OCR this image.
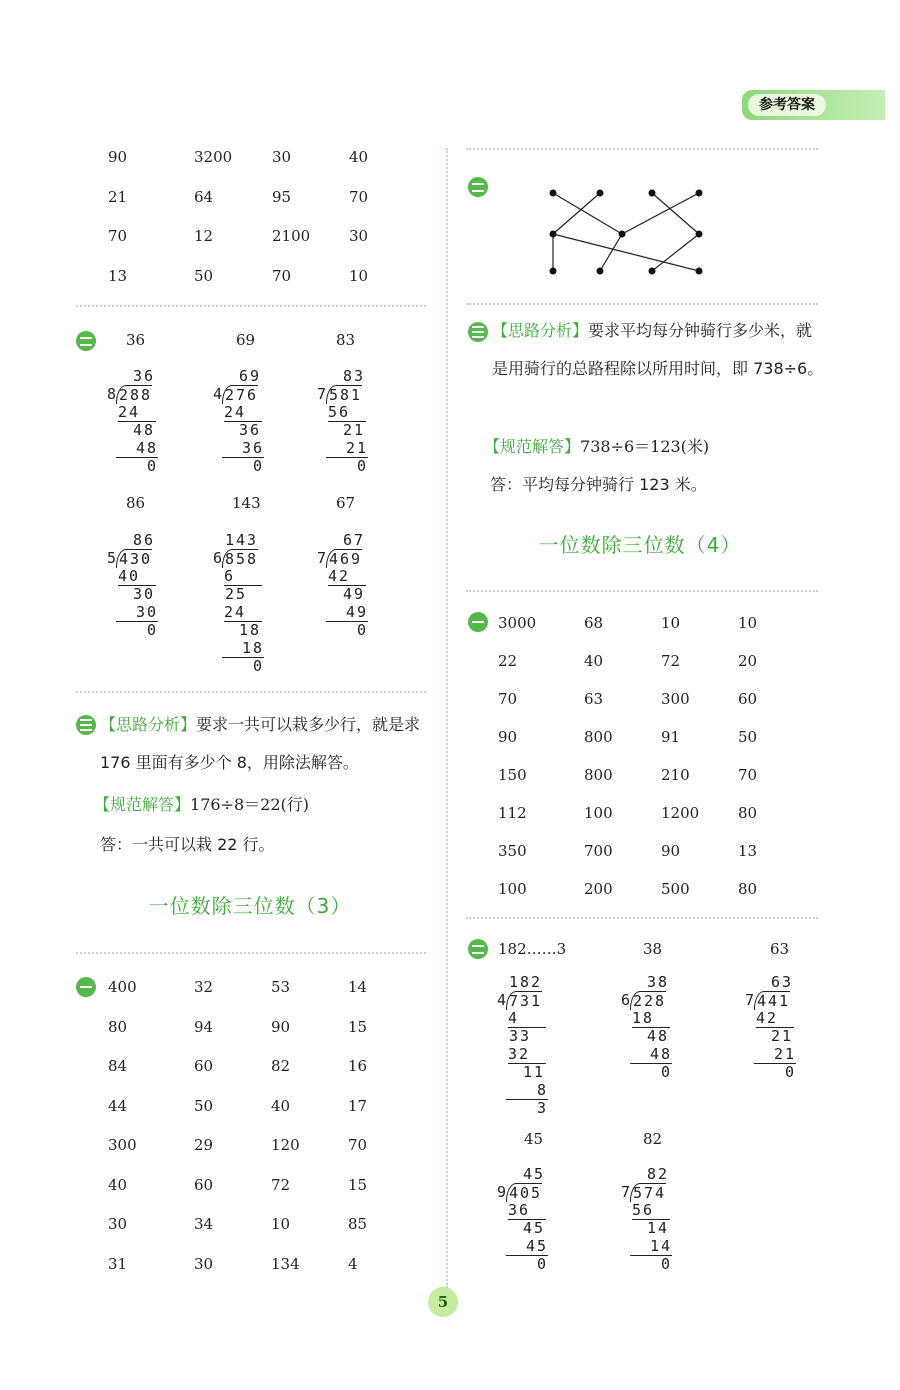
参考答案
90	3200	30	40
21	64	95	70
70	12	2100	30
13	50	70	10
36	69	83
36
8 288
24
48
48
0
69
4 276
24
36
36
0
83
7 581
56
21
21
0
86	143	67
86
5 430
40
30
30
0
143
6 858
6
25
24
18
18
0
67
7 469
42
49
49
0
【思路分析】要求一共可以栽多少行，就是求 176 里面有多少个 8，用除法解答。
【规范解答】176÷8＝22(行)
答：一共可以栽 22 行。
一位数除三位数（3）
400	32	53	14
80	94	90	15
84	60	82	16
44	50	40	17
300	29	120	70
40	60	72	15
30	34	10	85
31	30	134	4
【思路分析】要求平均每分钟骑行多少米，就是用骑行的总路程除以所用时间，即 738÷6。
【规范解答】738÷6＝123(米)
答：平均每分钟骑行 123 米。
一位数除三位数（4）
3000	68	10	10
22	40	72	20
70	63	300	60
90	800	91	50
150	800	210	70
112	100	1200	80
350	700	90	13
100	200	500	80
182……3	38	63
182
4 731
4
33
32
11
8
3
38
6 228
18
48
48
0
63
7 441
42
21
21
0
45	82
45
9 405
36
45
45
0
82
7 574
56
14
14
0
5
